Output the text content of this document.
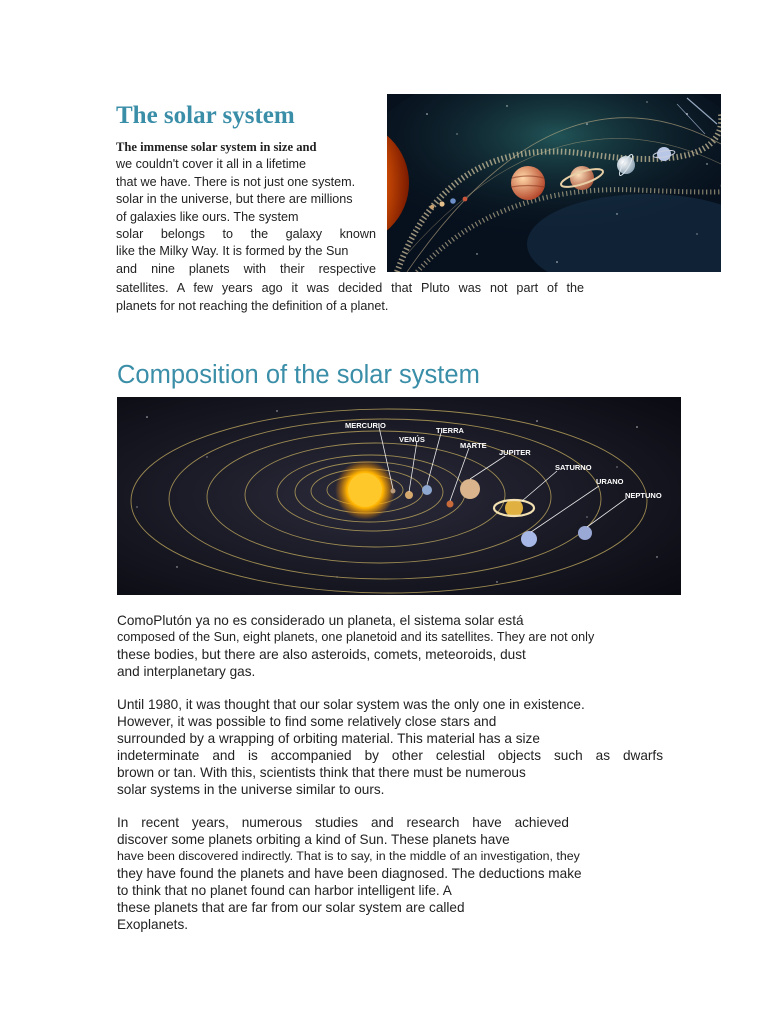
The solar system
The immense solar system in size and
we couldn't cover it all in a lifetime
that we have. There is not just one system.
solar in the universe, but there are millions
of galaxies like ours. The system
solar belongs to the galaxy known
like the Milky Way. It is formed by the Sun
and nine planets with their respective
satellites. A few years ago it was decided that Pluto was not part of the
planets for not reaching the definition of a planet.
Composition of the solar system
MERCURIO
VENÚS
TIERRA
MARTE
JUPITER
SATURNO
URANO
NEPTUNO
ComoPlutón ya no es considerado un planeta, el sistema solar está
composed of the Sun, eight planets, one planetoid and its satellites. They are not only
these bodies, but there are also asteroids, comets, meteoroids, dust
and interplanetary gas.
Until 1980, it was thought that our solar system was the only one in existence.
However, it was possible to find some relatively close stars and
surrounded by a wrapping of orbiting material. This material has a size
indeterminate and is accompanied by other celestial objects such as dwarfs
brown or tan. With this, scientists think that there must be numerous
solar systems in the universe similar to ours.
In recent years, numerous studies and research have achieved
discover some planets orbiting a kind of Sun. These planets have
have been discovered indirectly. That is to say, in the middle of an investigation, they
they have found the planets and have been diagnosed. The deductions make
to think that no planet found can harbor intelligent life. A
these planets that are far from our solar system are called
Exoplanets.
